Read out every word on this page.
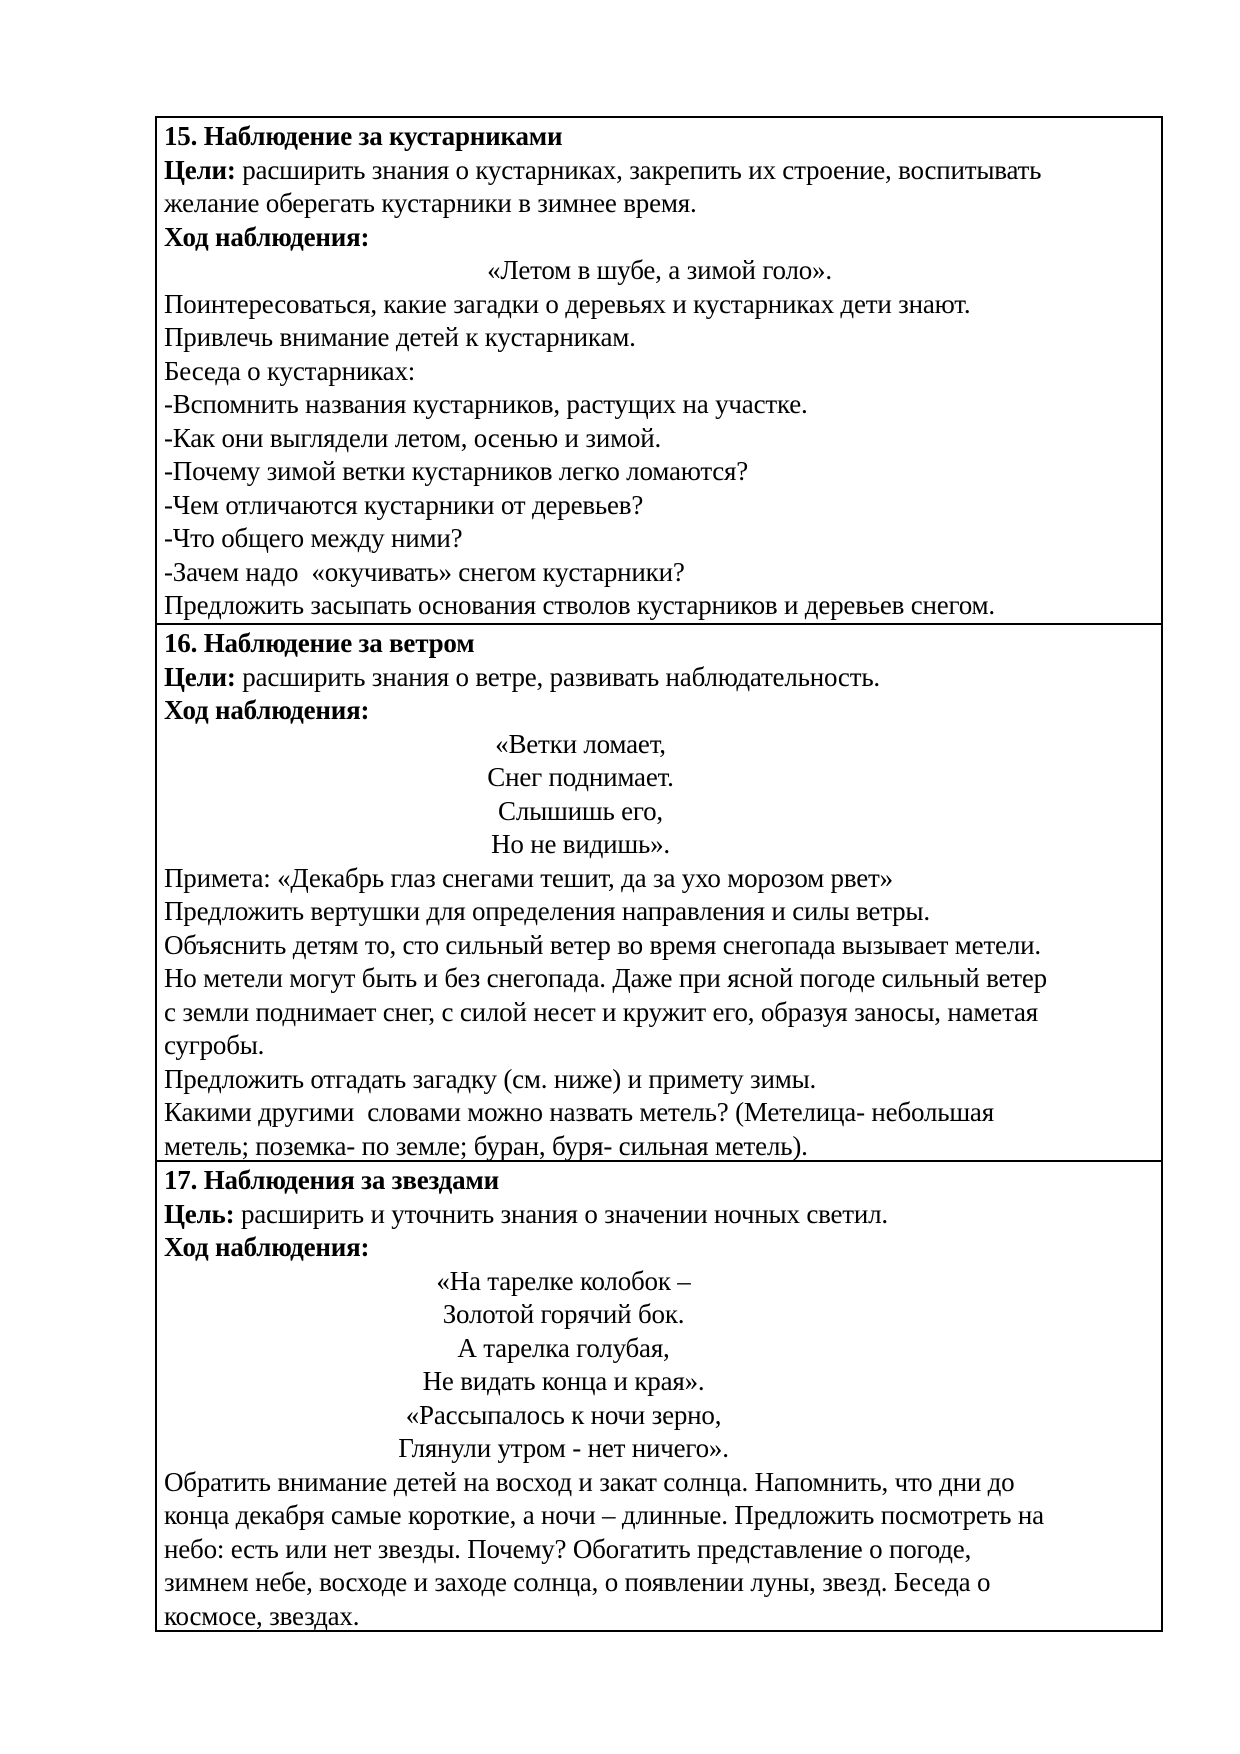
15. Наблюдение за кустарниками
Цели: расширить знания о кустарниках, закрепить их строение, воспитывать
желание оберегать кустарники в зимнее время.
Ход наблюдения:
«Летом в шубе, а зимой голо».
Поинтересоваться, какие загадки о деревьях и кустарниках дети знают.
Привлечь внимание детей к кустарникам.
Беседа о кустарниках:
-Вспомнить названия кустарников, растущих на участке.
-Как они выглядели летом, осенью и зимой.
-Почему зимой ветки кустарников легко ломаются?
-Чем отличаются кустарники от деревьев?
-Что общего между ними?
-Зачем надо  «окучивать» снегом кустарники?
Предложить засыпать основания стволов кустарников и деревьев снегом.
16. Наблюдение за ветром
Цели: расширить знания о ветре, развивать наблюдательность.
Ход наблюдения:
«Ветки ломает,
Снег поднимает.
Слышишь его,
Но не видишь».
Примета: «Декабрь глаз снегами тешит, да за ухо морозом рвет»
Предложить вертушки для определения направления и силы ветры.
Объяснить детям то, сто сильный ветер во время снегопада вызывает метели.
Но метели могут быть и без снегопада. Даже при ясной погоде сильный ветер
с земли поднимает снег, с силой несет и кружит его, образуя заносы, наметая
сугробы.
Предложить отгадать загадку (см. ниже) и примету зимы.
Какими другими  словами можно назвать метель? (Метелица- небольшая
метель; поземка- по земле; буран, буря- сильная метель).
17. Наблюдения за звездами
Цель: расширить и уточнить знания о значении ночных светил.
Ход наблюдения:
«На тарелке колобок –
Золотой горячий бок.
А тарелка голубая,
Не видать конца и края».
«Рассыпалось к ночи зерно,
Глянули утром - нет ничего».
Обратить внимание детей на восход и закат солнца. Напомнить, что дни до
конца декабря самые короткие, а ночи – длинные. Предложить посмотреть на
небо: есть или нет звезды. Почему? Обогатить представление о погоде,
зимнем небе, восходе и заходе солнца, о появлении луны, звезд. Беседа о
космосе, звездах.
